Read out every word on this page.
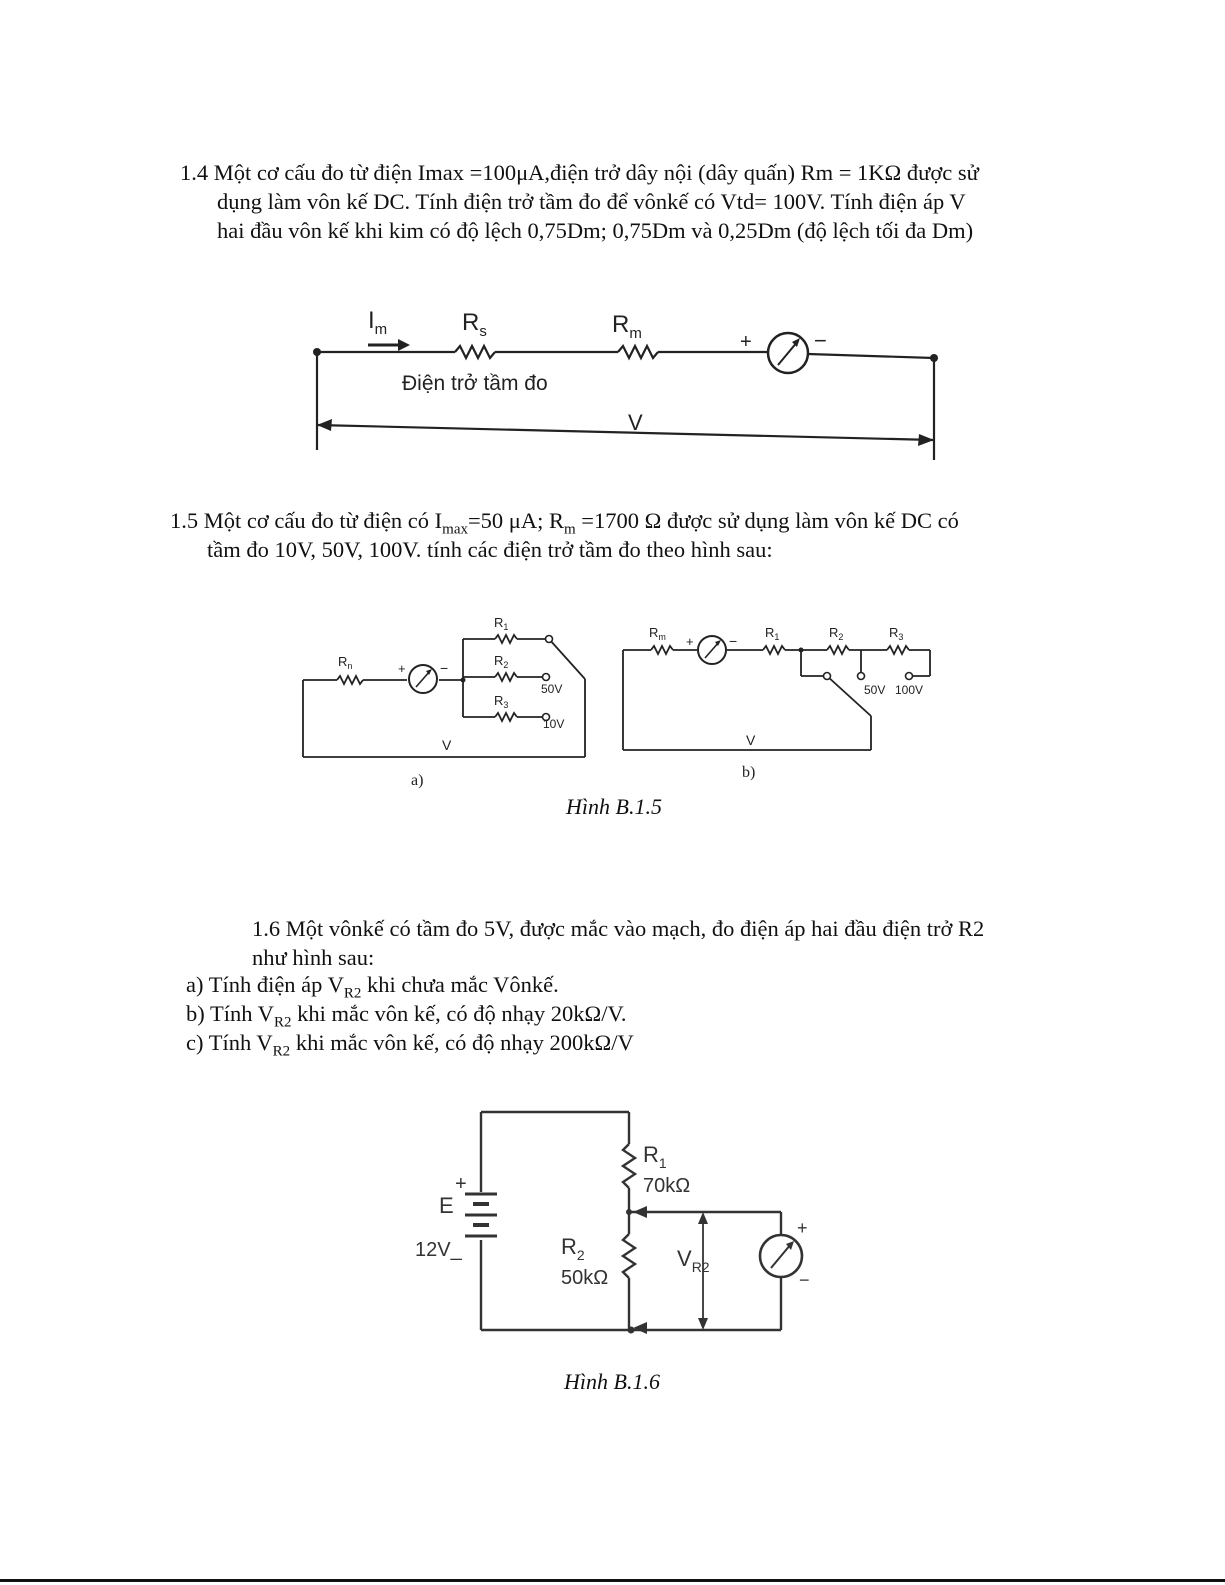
1.4 Một cơ cấu đo từ điện Imax =100μA,điện trở dây nội (dây quấn) Rm = 1KΩ được sử
dụng làm vôn kế DC. Tính điện trở tầm đo để vônkế có Vtd= 100V. Tính điện áp V
hai đầu vôn kế khi kim có độ lệch 0,75Dm; 0,75Dm và 0,25Dm (độ lệch tối đa Dm)

$I_m$	$R_s$	$R_m$	+	−
Điện trở tầm đo
V

1.5 Một cơ cấu đo từ điện có $I_{max}=50$ μA; $R_m =1700$ Ω được sử dụng làm vôn kế DC có
tầm đo 10V, 50V, 100V. tính các điện trở tầm đo theo hình sau:

$R_n$	+ −
$R_1$
$R_2$
$R_3$
50V
10V
V
a)
$R_m$ +	−
$R_1$	$R_2$	$R_3$
50V 100V
V
b)
Hình B.1.5

1.6 Một vônkế có tầm đo 5V, được mắc vào mạch, đo điện áp hai đầu điện trở R2
như hình sau:

a) Tính điện áp $V_{R2}$ khi chưa mắc Vônkế.
b) Tính $V_{R2}$ khi mắc vôn kế, có độ nhạy 20kΩ/V.
c) Tính $V_{R2}$ khi mắc vôn kế, có độ nhạy 200kΩ/V

+
E
12V_
$R_1$
70kΩ
$R_2$
50kΩ
$V_{R2}$
+
−
Hình B.1.6
